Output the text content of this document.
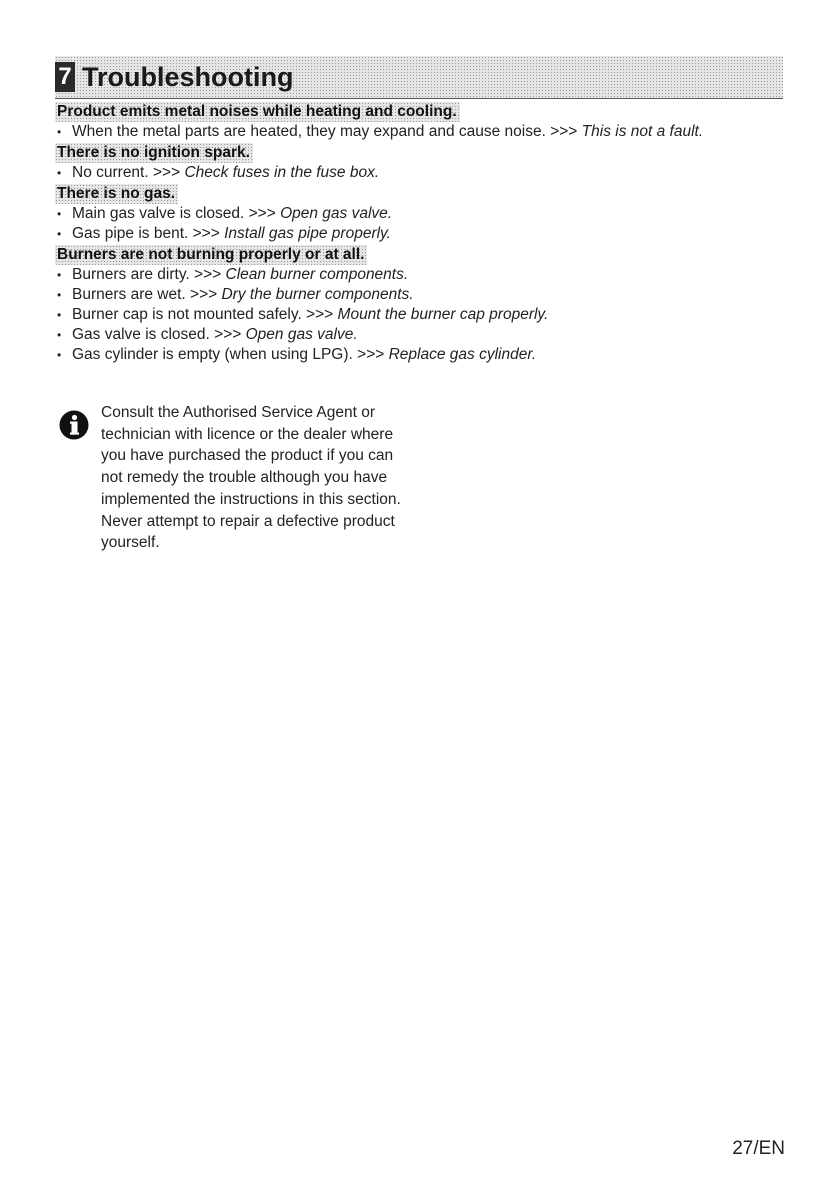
7 Troubleshooting
Product emits metal noises while heating and cooling.
• When the metal parts are heated, they may expand and cause noise. >>> This is not a fault.
There is no ignition spark.
• No current. >>> Check fuses in the fuse box.
There is no gas.
• Main gas valve is closed. >>> Open gas valve.
• Gas pipe is bent. >>> Install gas pipe properly.
Burners are not burning properly or at all.
• Burners are dirty. >>> Clean burner components.
• Burners are wet. >>> Dry the burner components.
• Burner cap is not mounted safely. >>> Mount the burner cap properly.
• Gas valve is closed. >>> Open gas valve.
• Gas cylinder is empty (when using LPG). >>> Replace gas cylinder.
Consult the Authorised Service Agent or technician with licence or the dealer where you have purchased the product if you can not remedy the trouble although you have implemented the instructions in this section. Never attempt to repair a defective product yourself.
27/EN
